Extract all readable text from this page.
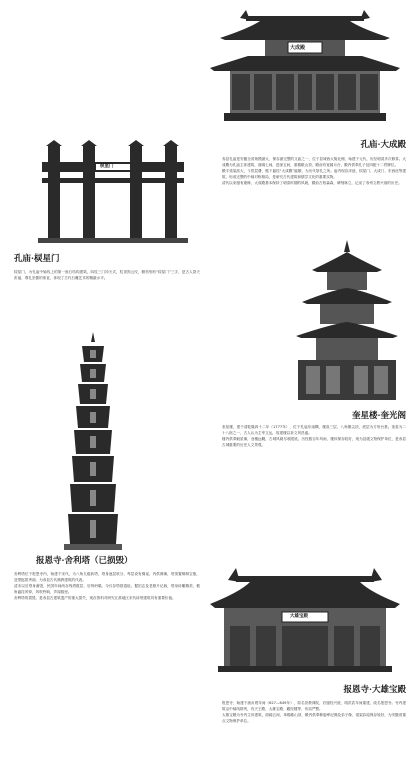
大成殿
孔庙·大成殿

寿县孔庙是安徽全省规模最大、保存最完整的文庙之一，位于县城西大街北侧，始建于元代，历经明清多次修葺。大成殿为孔庙主体建筑，面阔七间，进深五间，重檐歇山顶，殿前有宽阔月台，殿内供奉孔子及四配十二哲牌位。

殿宇梁架高大，斗拱层叠，檐下悬挂“大成殿”匾额，为历代祭孔之所。庙内现存泮池、棂星门、大成门、东西庑等建筑，形成完整的中轴对称格局，是研究古代建筑和儒学文化的重要实物。

清代以来屡有重修，大成殿基本保持了明清时期的风貌，殿前古柏森森，碑刻林立，记录了寿州文教兴衰的历史。

棂星门
孔庙·棂星门

棂星门，为孔庙中轴线上的第一座石结构建筑，四柱三门冲天式，柱顶饰云纹，额枋刻有“棂星门”三字，是古人祭天祈福、尊孔崇儒的象征，体现了古代石雕艺术的精湛水平。

奎星楼·奎光阁

奎星楼，建于清乾隆四十二年（1777年），位于孔庙东南隅，楼高三层，八角攒尖顶，底层为方形台基。奎星为二十八宿之一，古人认为主宰文运，故建楼以祈文风昌盛。

楼内供奉魁星像，登楼远眺，古城风貌尽收眼底。历经数百年风雨，楼体保存较好，现为县级文物保护单位，是寿县古城重要的历史人文景观。

报恩寺·舍利塔（已损毁）

舍利塔位于报恩寺内，始建于宋代，为八角九级砖塔，塔身逐层收分，每层设有佛龛，内供佛像，塔顶置铜制宝瓶，造型挺拔秀丽，为寿县古代佛教建筑的代表。

清末以后塔身渐毁，民国年间尚存残塔数层，后终坍塌，今仅存塔基遗址。据旧志及老照片记载，塔身砖雕精美，檐角悬挂风铎，风吹铃响，声闻数里。

舍利塔的损毁，是寿县古建筑遗产的重大损失，现存资料对研究江淮地区宋代砖塔建筑具有重要价值。

大雄宝殿
报恩寺·大雄宝殿

报恩寺，始建于唐贞观年间（627—649年），原名崇教禅院，后屡经兴废，明洪武年间重建，改名报恩寺。寺内建筑沿中轴线排列，有天王殿、大雄宝殿、藏经楼等，布局严整。

大雄宝殿为寺内主体建筑，面阔五间，单檐歇山顶，殿内供奉释迦牟尼佛及弟子像，梁架彩绘保存较好，为安徽省重点文物保护单位。
